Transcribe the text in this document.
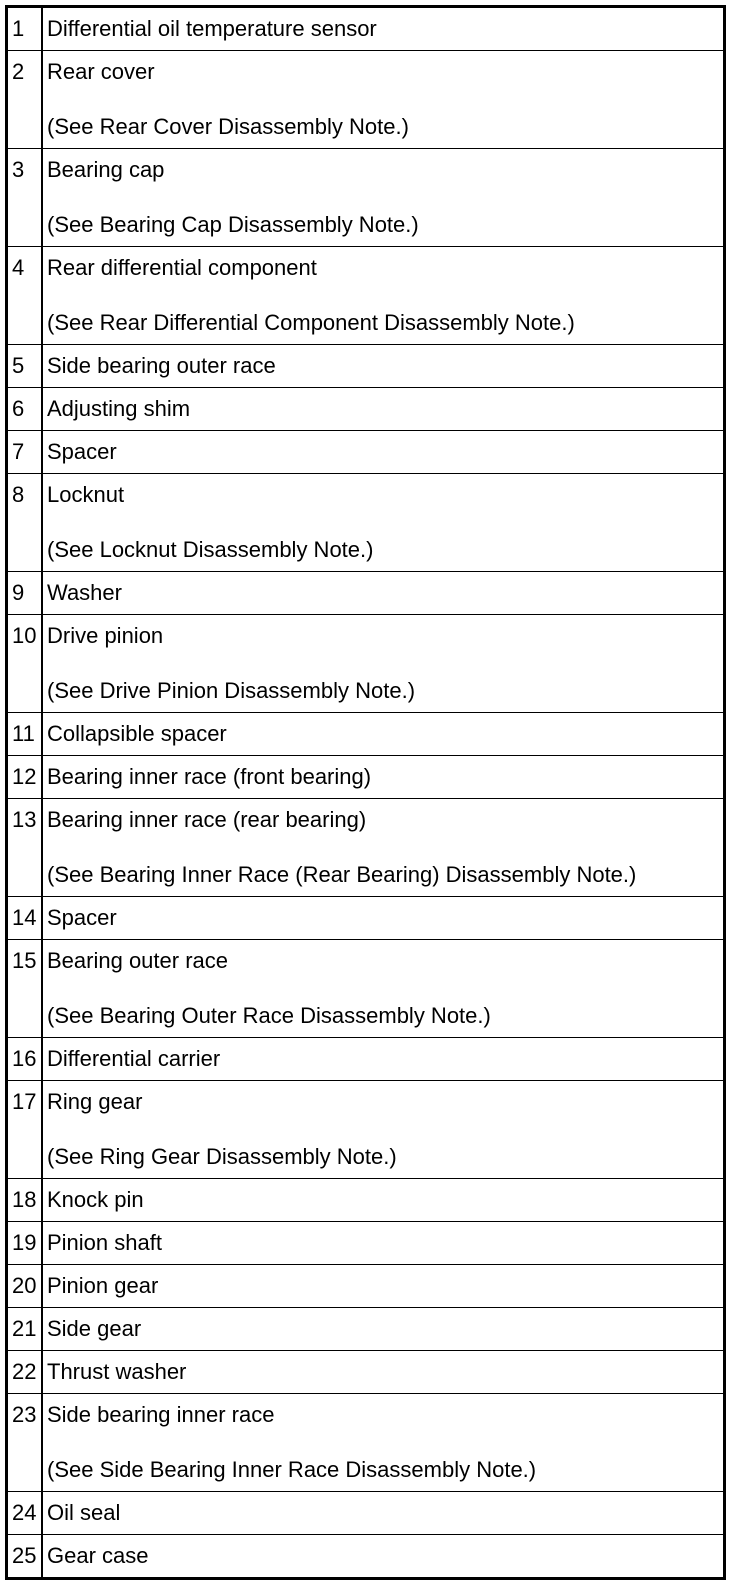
1	Differential oil temperature sensor

2	Rear cover
(See Rear Cover Disassembly Note.)

3	Bearing cap
(See Bearing Cap Disassembly Note.)

4	Rear differential component
(See Rear Differential Component Disassembly Note.)

5	Side bearing outer race

6	Adjusting shim

7	Spacer

8	Locknut
(See Locknut Disassembly Note.)

9	Washer

10	Drive pinion
(See Drive Pinion Disassembly Note.)

11	Collapsible spacer

12	Bearing inner race (front bearing)

13	Bearing inner race (rear bearing)
(See Bearing Inner Race (Rear Bearing) Disassembly Note.)

14	Spacer

15	Bearing outer race
(See Bearing Outer Race Disassembly Note.)

16	Differential carrier

17	Ring gear
(See Ring Gear Disassembly Note.)

18	Knock pin

19	Pinion shaft

20	Pinion gear

21	Side gear

22	Thrust washer

23	Side bearing inner race
(See Side Bearing Inner Race Disassembly Note.)

24	Oil seal

25	Gear case
